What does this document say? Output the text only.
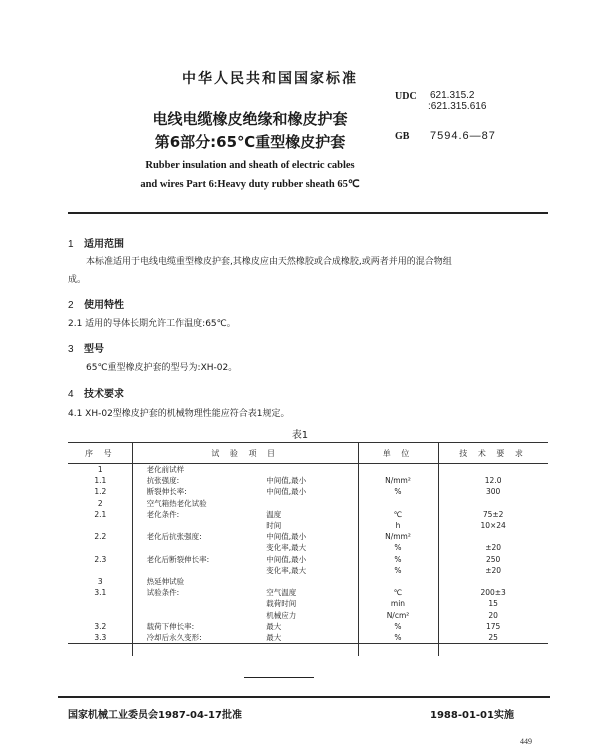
中华人民共和国国家标准
UDC 621.315.2
:621.315.616
电线电缆橡皮绝缘和橡皮护套
第6部分:65℃重型橡皮护套	GB 7594.6—87
Rubber insulation and sheath of electric cables
and wires Part 6:Heavy duty rubber sheath 65℃
1 适用范围
本标准适用于电线电缆重型橡皮护套,其橡皮应由天然橡胶或合成橡胶,或两者并用的混合物组
成。
2 使用特性
2.1 适用的导体长期允许工作温度:65℃。
3 型号
65℃重型橡皮护套的型号为:XH-02。
4 技术要求
4.1 XH-02型橡皮护套的机械物理性能应符合表1规定。
表1
序 号	试 验 项 目		单 位	技 术 要 求
1	老化前试样			
1.1	抗张强度:	中间值,最小	N/mm²	12.0
1.2	断裂伸长率:	中间值,最小	%	300
2	空气箱热老化试验			
2.1	老化条件:	温度	℃	75±2
		时间	h	10×24
2.2	老化后抗张强度:	中间值,最小	N/mm²	
		变化率,最大	%	±20
2.3	老化后断裂伸长率:	中间值,最小	%	250
		变化率,最大	%	±20
3	热延伸试验			
3.1	试验条件:	空气温度	℃	200±3
		载荷时间	min	15
		机械应力	N/cm²	20
3.2	载荷下伸长率:	最大	%	175
3.3	冷却后永久变形:	最大	%	25
国家机械工业委员会1987-04-17批准	1988-01-01实施
449
